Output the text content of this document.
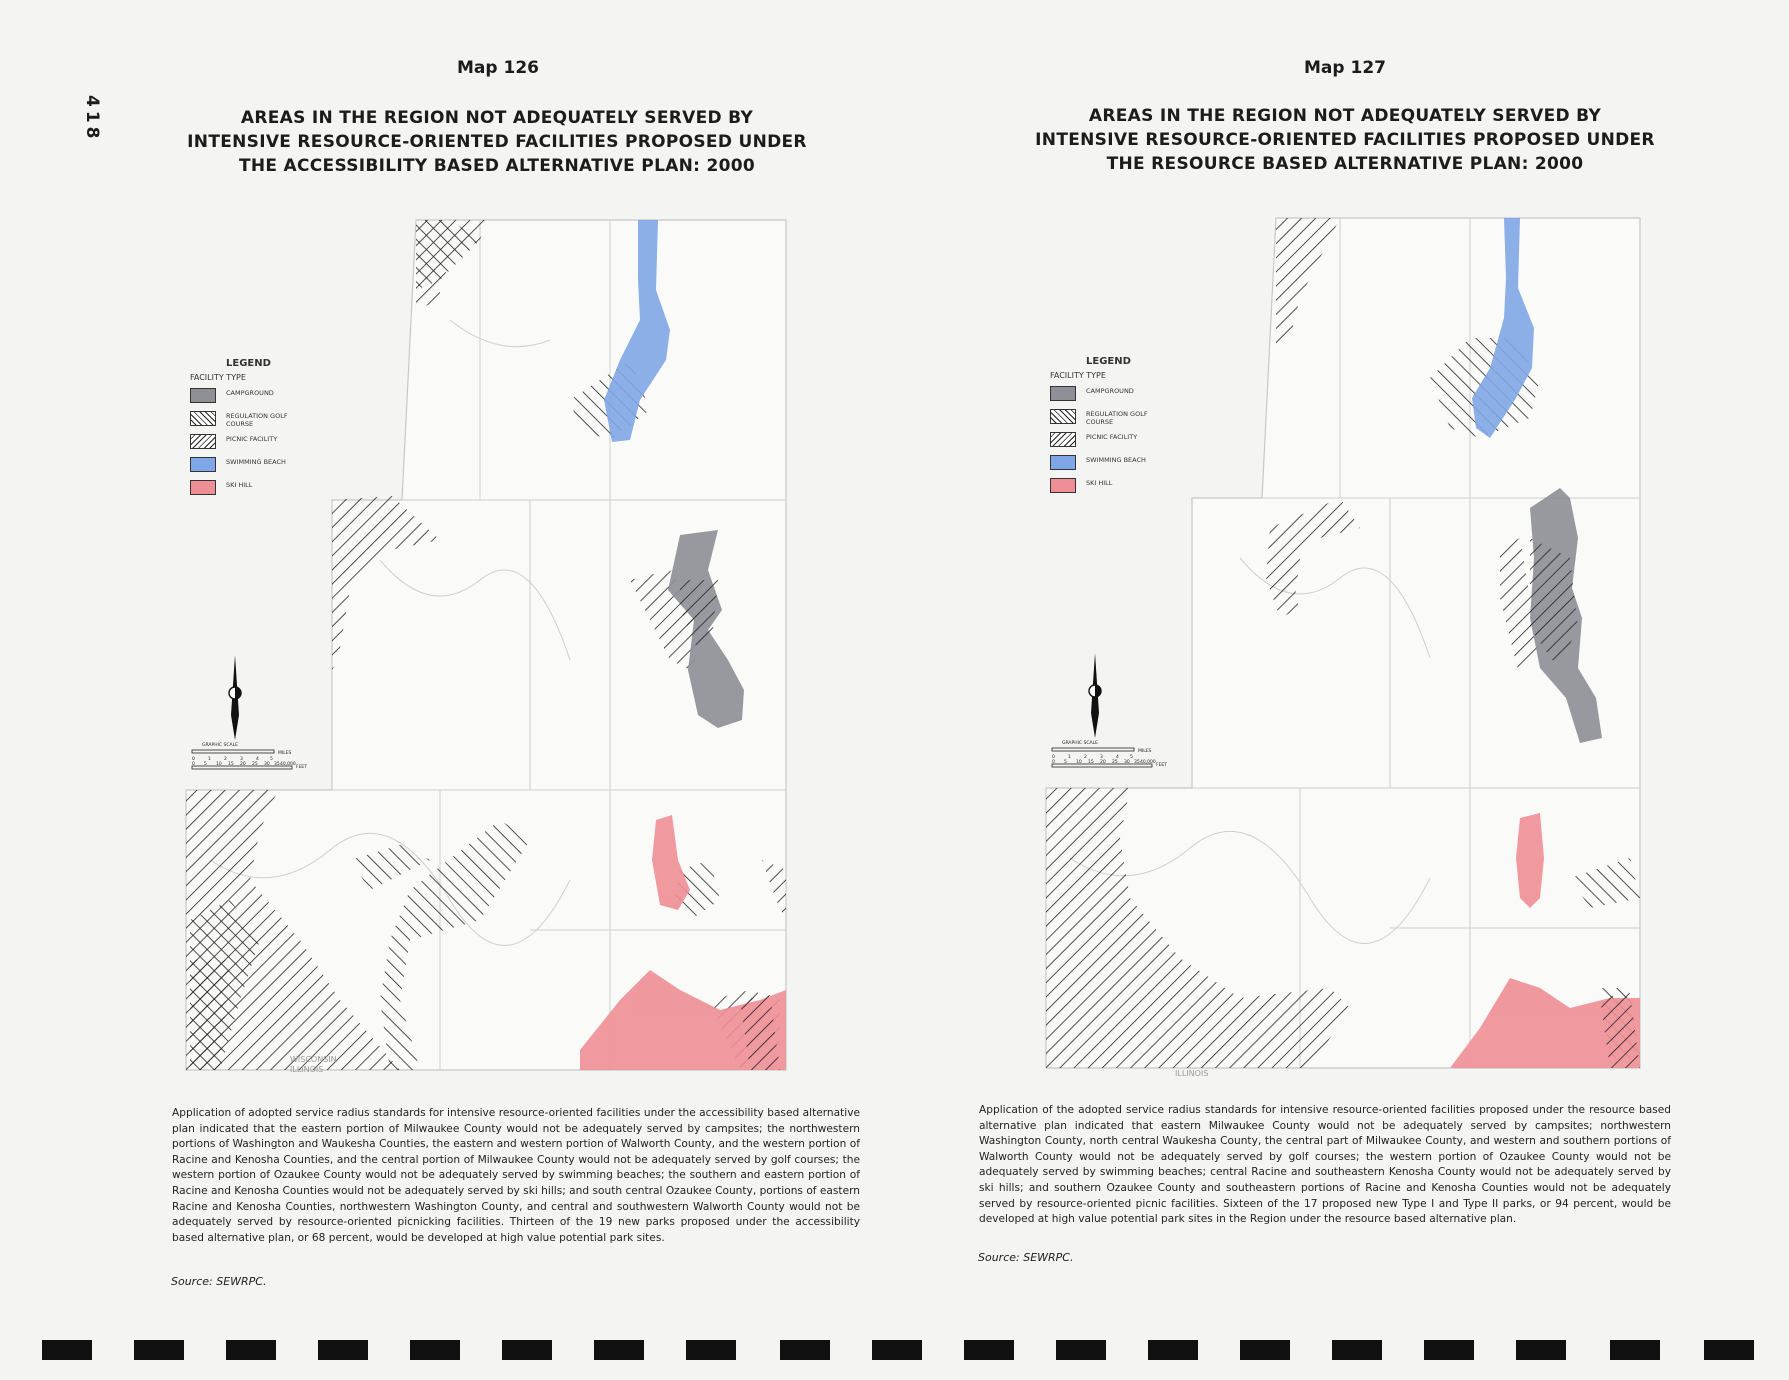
418
Map 126
AREAS IN THE REGION NOT ADEQUATELY SERVED BY
INTENSIVE RESOURCE-ORIENTED FACILITIES PROPOSED UNDER
THE ACCESSIBILITY BASED ALTERNATIVE PLAN: 2000
WISCONSIN
ILLINOIS
GRAPHIC SCALE
0	1	2	3	4 5
MILES
0 5 10 15 20 25 30 35 40,000
FEET
LEGEND
FACILITY TYPE
CAMPGROUND
REGULATION GOLF COURSE
PICNIC FACILITY
SWIMMING BEACH
SKI HILL
Application of adopted service radius standards for intensive resource-oriented facilities under the accessibility based alternative plan indicated that the eastern portion of Milwaukee County would not be adequately served by campsites; the northwestern portions of Washington and Waukesha Counties, the eastern and western portion of Walworth County, and the western portion of Racine and Kenosha Counties, and the central portion of Milwaukee County would not be adequately served by golf courses; the western portion of Ozaukee County would not be adequately served by swimming beaches; the southern and eastern portion of Racine and Kenosha Counties would not be adequately served by ski hills; and south central Ozaukee County, portions of eastern Racine and Kenosha Counties, northwestern Washington County, and central and southwestern Walworth County would not be adequately served by resource-oriented picnicking facilities. Thirteen of the 19 new parks proposed under the accessibility based alternative plan, or 68 percent, would be developed at high value potential park sites.
Source: SEWRPC.
Map 127
AREAS IN THE REGION NOT ADEQUATELY SERVED BY
INTENSIVE RESOURCE-ORIENTED FACILITIES PROPOSED UNDER
THE RESOURCE BASED ALTERNATIVE PLAN: 2000
ILLINOIS
GRAPHIC SCALE
0	1	2	3	4 5
MILES
0 5 10 15 20 25 30 35 40,000
FEET
LEGEND
FACILITY TYPE
CAMPGROUND
REGULATION GOLF COURSE
PICNIC FACILITY
SWIMMING BEACH
SKI HILL
Application of the adopted service radius standards for intensive resource-oriented facilities proposed under the resource based alternative plan indicated that eastern Milwaukee County would not be adequately served by campsites; northwestern Washington County, north central Waukesha County, the central part of Milwaukee County, and western and southern portions of Walworth County would not be adequately served by golf courses; the western portion of Ozaukee County would not be adequately served by swimming beaches; central Racine and southeastern Kenosha County would not be adequately served by ski hills; and southern Ozaukee County and southeastern portions of Racine and Kenosha Counties would not be adequately served by resource-oriented picnic facilities. Sixteen of the 17 proposed new Type I and Type II parks, or 94 percent, would be developed at high value potential park sites in the Region under the resource based alternative plan.
Source: SEWRPC.
